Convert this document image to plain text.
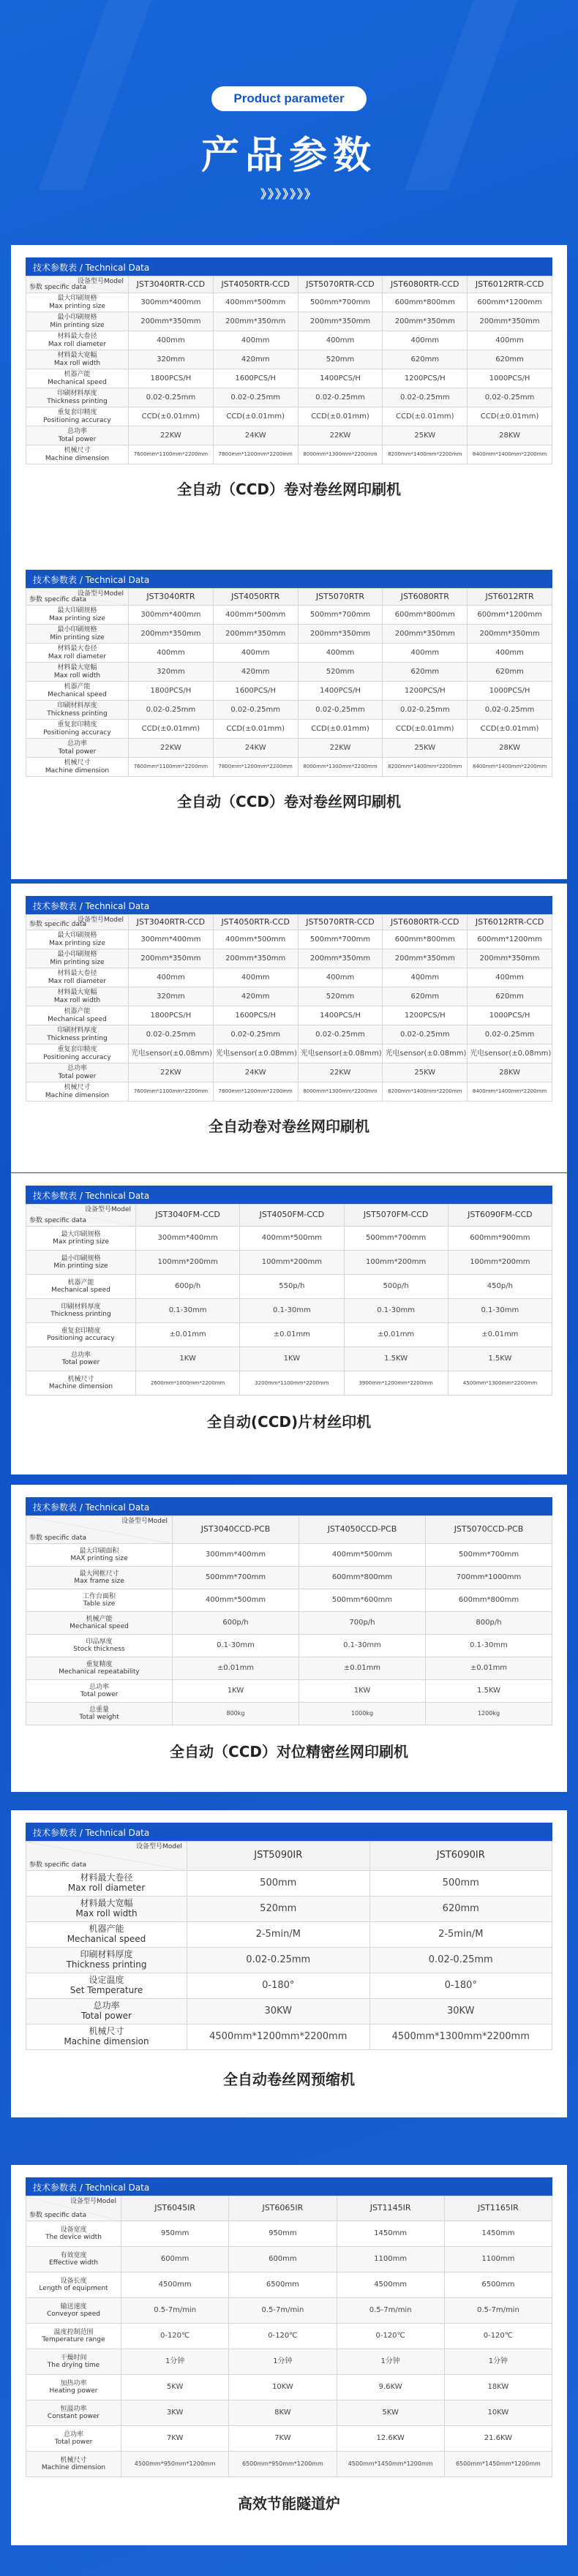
Product parameter
产品参数
》》》》》》》
技术参数表 / Technical Data
设备型号Model
参数 specific data	JST3040RTR-CCD	JST4050RTR-CCD	JST5070RTR-CCD	JST6080RTR-CCD	JST6012RTR-CCD

最大印刷规格
Max printing size	300mm*400mm	400mm*500mm	500mm*700mm	600mm*800mm	600mm*1200mm

最小印刷规格
Min printing size	200mm*350mm	200mm*350mm	200mm*350mm	200mm*350mm	200mm*350mm

材料最大卷径
Max roll diameter	400mm	400mm	400mm	400mm	400mm

材料最大宽幅
Max roll width	320mm	420mm	520mm	620mm	620mm

机器产能
Mechanical speed	1800PCS/H	1600PCS/H	1400PCS/H	1200PCS/H	1000PCS/H

印刷材料厚度
Thickness printing	0.02-0.25mm	0.02-0.25mm	0.02-0.25mm	0.02-0.25mm	0.02-0.25mm

重复套印精度
Positioning accuracy	CCD(±0.01mm)	CCD(±0.01mm)	CCD(±0.01mm)	CCD(±0.01mm)	CCD(±0.01mm)

总功率
Total power	22KW	24KW	22KW	25KW	28KW

机械尺寸
Machine dimension	7600mm*1100mm*2200mm	7800mm*1200mm*2200mm	8000mm*1300mm*2200mm	8200mm*1400mm*2200mm	8400mm*1400mm*2200mm
全自动（CCD）卷对卷丝网印刷机
技术参数表 / Technical Data
设备型号Model
参数 specific data	JST3040RTR	JST4050RTR	JST5070RTR	JST6080RTR	JST6012RTR

最大印刷规格
Max printing size	300mm*400mm	400mm*500mm	500mm*700mm	600mm*800mm	600mm*1200mm

最小印刷规格
Min printing size	200mm*350mm	200mm*350mm	200mm*350mm	200mm*350mm	200mm*350mm

材料最大卷径
Max roll diameter	400mm	400mm	400mm	400mm	400mm

材料最大宽幅
Max roll width	320mm	420mm	520mm	620mm	620mm

机器产能
Mechanical speed	1800PCS/H	1600PCS/H	1400PCS/H	1200PCS/H	1000PCS/H

印刷材料厚度
Thickness printing	0.02-0.25mm	0.02-0.25mm	0.02-0.25mm	0.02-0.25mm	0.02-0.25mm

重复套印精度
Positioning accuracy	CCD(±0.01mm)	CCD(±0.01mm)	CCD(±0.01mm)	CCD(±0.01mm)	CCD(±0.01mm)

总功率
Total power	22KW	24KW	22KW	25KW	28KW

机械尺寸
Machine dimension	7600mm*1100mm*2200mm	7800mm*1200mm*2200mm	8000mm*1300mm*2200mm	8200mm*1400mm*2200mm	8400mm*1400mm*2200mm
全自动（CCD）卷对卷丝网印刷机
技术参数表 / Technical Data
设备型号Model
参数 specific data	JST3040RTR-CCD	JST4050RTR-CCD	JST5070RTR-CCD	JST6080RTR-CCD	JST6012RTR-CCD

最大印刷规格
Max printing size	300mm*400mm	400mm*500mm	500mm*700mm	600mm*800mm	600mm*1200mm

最小印刷规格
Min printing size	200mm*350mm	200mm*350mm	200mm*350mm	200mm*350mm	200mm*350mm

材料最大卷径
Max roll diameter	400mm	400mm	400mm	400mm	400mm

材料最大宽幅
Max roll width	320mm	420mm	520mm	620mm	620mm

机器产能
Mechanical speed	1800PCS/H	1600PCS/H	1400PCS/H	1200PCS/H	1000PCS/H

印刷材料厚度
Thickness printing	0.02-0.25mm	0.02-0.25mm	0.02-0.25mm	0.02-0.25mm	0.02-0.25mm

重复套印精度
Positioning accuracy	光电sensor(±0.08mm)	光电sensor(±0.08mm)	光电sensor(±0.08mm)	光电sensor(±0.08mm)	光电sensor(±0.08mm)

总功率
Total power	22KW	24KW	22KW	25KW	28KW

机械尺寸
Machine dimension	7600mm*1100mm*2200mm	7800mm*1200mm*2200mm	8000mm*1300mm*2200mm	8200mm*1400mm*2200mm	8400mm*1400mm*2200mm
全自动卷对卷丝网印刷机
技术参数表 / Technical Data
设备型号Model
参数 specific data	JST3040FM-CCD	JST4050FM-CCD	JST5070FM-CCD	JST6090FM-CCD

最大印刷规格
Max printing size	300mm*400mm	400mm*500mm	500mm*700mm	600mm*900mm

最小印刷规格
Min printing size	100mm*200mm	100mm*200mm	100mm*200mm	100mm*200mm

机器产能
Mechanical speed	600p/h	550p/h	500p/h	450p/h

印刷材料厚度
Thickness printing	0.1-30mm	0.1-30mm	0.1-30mm	0.1-30mm

重复套印精度
Positioning accuracy	±0.01mm	±0.01mm	±0.01mm	±0.01mm

总功率
Total power	1KW	1KW	1.5KW	1.5KW

机械尺寸
Machine dimension	2600mm*1000mm*2200mm	3200mm*1100mm*2200mm	3900mm*1200mm*2200mm	4500mm*1300mm*2200mm
全自动(CCD)片材丝印机
技术参数表 / Technical Data
设备型号Model
参数 specific data	JST3040CCD-PCB	JST4050CCD-PCB	JST5070CCD-PCB

最大印刷面积
MAX printing size	300mm*400mm	400mm*500mm	500mm*700mm

最大网框尺寸
Max frame size	500mm*700mm	600mm*800mm	700mm*1000mm

工作台面积
Table size	400mm*500mm	500mm*600mm	600mm*800mm

机械产能
Mechanical speed	600p/h	700p/h	800p/h

印品厚度
Stock thickness	0.1-30mm	0.1-30mm	0.1-30mm

重复精度
Mechanical repeatability	±0.01mm	±0.01mm	±0.01mm

总功率
Total power	1KW	1KW	1.5KW

总重量
Total weight	800kg	1000kg	1200kg
全自动（CCD）对位精密丝网印刷机
技术参数表 / Technical Data
设备型号Model
参数 specific data	JST5090IR	JST6090IR

材料最大卷径
Max roll diameter	500mm	500mm

材料最大宽幅
Max roll width	520mm	620mm

机器产能
Mechanical speed	2-5min/M	2-5min/M

印刷材料厚度
Thickness printing	0.02-0.25mm	0.02-0.25mm

设定温度
Set Temperature	0-180°	0-180°

总功率
Total power	30KW	30KW

机械尺寸
Machine dimension	4500mm*1200mm*2200mm	4500mm*1300mm*2200mm
全自动卷丝网预缩机
技术参数表 / Technical Data
设备型号Model
参数 specific data	JST6045IR	JST6065IR	JST1145IR	JST1165IR

设备宽度
The device width	950mm	950mm	1450mm	1450mm

有效宽度
Effective width	600mm	600mm	1100mm	1100mm

设备长度
Length of equipment	4500mm	6500mm	4500mm	6500mm

输送速度
Conveyor speed	0.5-7m/min	0.5-7m/min	0.5-7m/min	0.5-7m/min

温度控制范围
Temperature range	0-120℃	0-120℃	0-120℃	0-120℃

干燥时间
The drying time	1分钟	1分钟	1分钟	1分钟

加热功率
Heating power	5KW	10KW	9.6KW	18KW

恒温功率
Constant power	3KW	8KW	5KW	10KW

总功率
Total power	7KW	7KW	12.6KW	21.6KW

机械尺寸
Machine dimension	4500mm*950mm*1200mm	6500mm*950mm*1200mm	4500mm*1450mm*1200mm	6500mm*1450mm*1200mm
高效节能隧道炉
